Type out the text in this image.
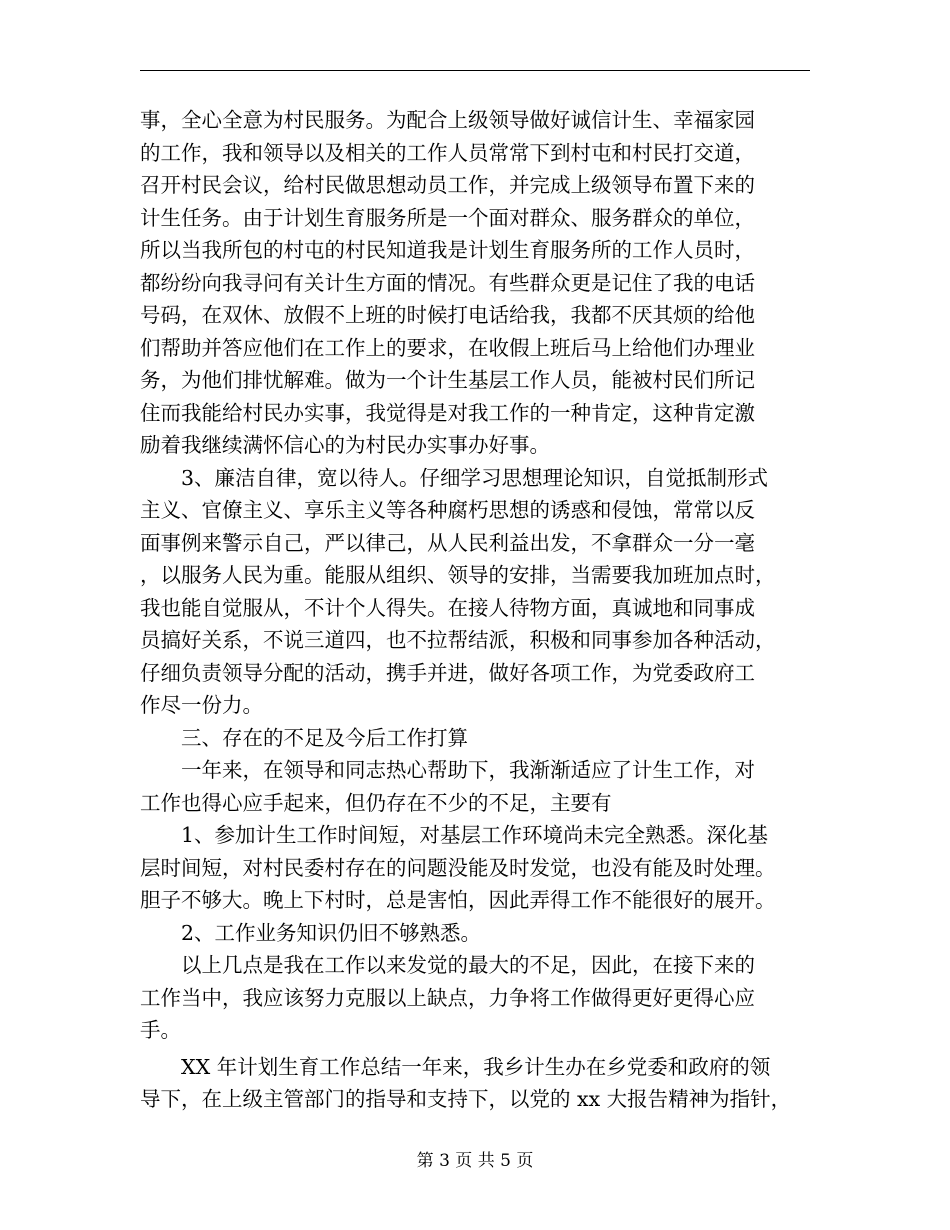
事，全心全意为村民服务。为配合上级领导做好诚信计生、幸福家园
的工作，我和领导以及相关的工作人员常常下到村屯和村民打交道，
召开村民会议，给村民做思想动员工作，并完成上级领导布置下来的
计生任务。由于计划生育服务所是一个面对群众、服务群众的单位，
所以当我所包的村屯的村民知道我是计划生育服务所的工作人员时，
都纷纷向我寻问有关计生方面的情况。有些群众更是记住了我的电话
号码，在双休、放假不上班的时候打电话给我，我都不厌其烦的给他
们帮助并答应他们在工作上的要求，在收假上班后马上给他们办理业
务，为他们排忧解难。做为一个计生基层工作人员，能被村民们所记
住而我能给村民办实事，我觉得是对我工作的一种肯定，这种肯定激
励着我继续满怀信心的为村民办实事办好事。
　　3、廉洁自律，宽以待人。仔细学习思想理论知识，自觉抵制形式
主义、官僚主义、享乐主义等各种腐朽思想的诱惑和侵蚀，常常以反
面事例来警示自己，严以律己，从人民利益出发，不拿群众一分一毫
，以服务人民为重。能服从组织、领导的安排，当需要我加班加点时，
我也能自觉服从，不计个人得失。在接人待物方面，真诚地和同事成
员搞好关系，不说三道四，也不拉帮结派，积极和同事参加各种活动，
仔细负责领导分配的活动，携手并进，做好各项工作，为党委政府工
作尽一份力。
　　三、存在的不足及今后工作打算
　　一年来，在领导和同志热心帮助下，我渐渐适应了计生工作，对
工作也得心应手起来，但仍存在不少的不足，主要有
　　1、参加计生工作时间短，对基层工作环境尚未完全熟悉。深化基
层时间短，对村民委村存在的问题没能及时发觉，也没有能及时处理。
胆子不够大。晚上下村时，总是害怕，因此弄得工作不能很好的展开。
　　2、工作业务知识仍旧不够熟悉。
　　以上几点是我在工作以来发觉的最大的不足，因此，在接下来的
工作当中，我应该努力克服以上缺点，力争将工作做得更好更得心应
手。
　　XX 年计划生育工作总结一年来，我乡计生办在乡党委和政府的领
导下，在上级主管部门的指导和支持下，以党的 xx 大报告精神为指针，
第 3 页 共 5 页
